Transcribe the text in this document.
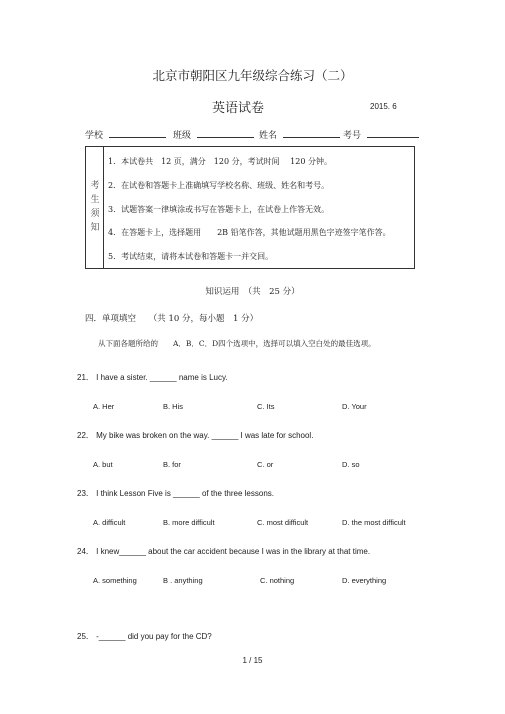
北京市朝阳区九年级综合练习（二）
英语试卷	2015. 6
学校	班级	姓名	考号
考生须知
1．本试卷共　12 页，满分　120 分，考试时间　 120 分钟。
2．在试卷和答题卡上准确填写学校名称、班级、姓名和考号。
3．试题答案一律填涂或书写在答题卡上，在试卷上作答无效。
4．在答题卡上，选择题用　　2B 铅笔作答，其他试题用黑色字迹签字笔作答。
5．考试结束，请将本试卷和答题卡一并交回。
知识运用　（共　25 分）
四．单项填空　　（共 10 分，每小题　1 分）
从下面各题所给的　　A．B．C．D四个选项中，选择可以填入空白处的最佳选项。
21． I have a sister. ______ name is Lucy.
A. Her	B. His	C. Its	D. Your
22． My bike was broken on the way. ______ I was late for school.
A. but	B. for	C. or	D. so
23． I think Lesson Five is ______ of the three lessons.
A. difficult	B. more difficult	C. most difficult	D. the most difficult
24． I knew______ about the car accident because I was in the library at that time.
A. something	B . anything	C. nothing	D. everything
25． -______ did you pay for the CD?
1 / 15
